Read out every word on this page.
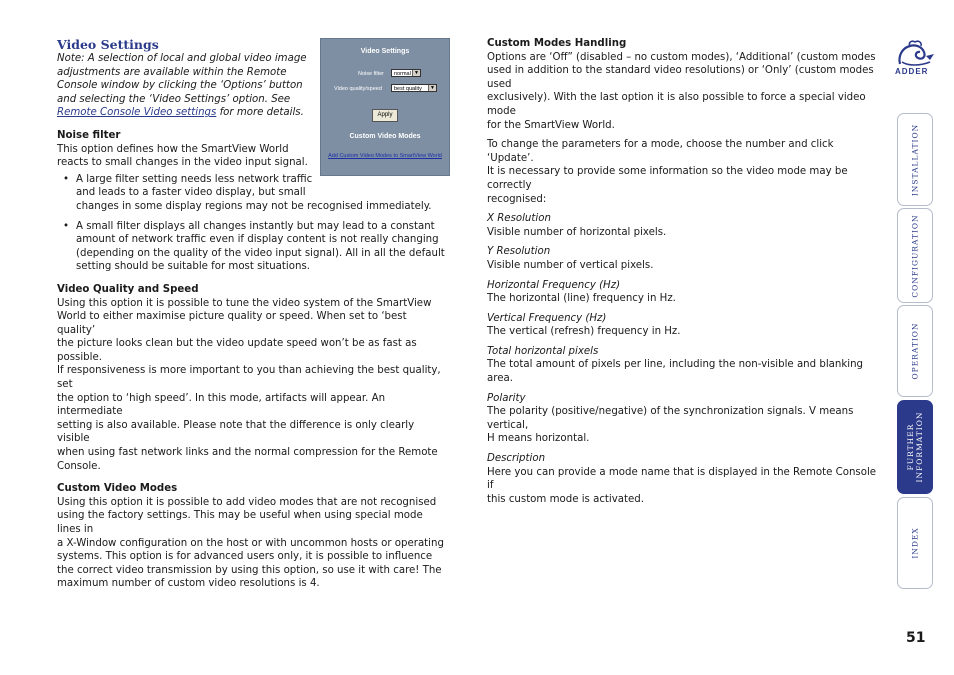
Video Settings

Note: A selection of local and global video image

adjustments are available within the Remote

Console window by clicking the ‘Options’ button

and selecting the ‘Video Settings’ option. See

Remote Console Video settings for more details.

Noise filter

This option defines how the SmartView World

reacts to small changes in the video input signal.

• A large filter setting needs less network traffic

and leads to a faster video display, but small

changes in some display regions may not be recognised immediately.

• A small filter displays all changes instantly but may lead to a constant

amount of network traffic even if display content is not really changing

(depending on the quality of the video input signal). All in all the default

setting should be suitable for most situations.

Video Quality and Speed

Using this option it is possible to tune the video system of the SmartView

World to either maximise picture quality or speed. When set to ‘best quality’

the picture looks clean but the video update speed won’t be as fast as possible.

If responsiveness is more important to you than achieving the best quality, set

the option to ‘high speed’. In this mode, artifacts will appear. An intermediate

setting is also available. Please note that the difference is only clearly visible

when using fast network links and the normal compression for the Remote

Console.

Custom Video Modes

Using this option it is possible to add video modes that are not recognised

using the factory settings. This may be useful when using special mode lines in

a X-Window configuration on the host or with uncommon hosts or operating

systems. This option is for advanced users only, it is possible to influence

the correct video transmission by using this option, so use it with care! The

maximum number of custom video resolutions is 4.

Video Settings
Noise filter	normal ▼
Video quality/speed	best quality	▼
Apply
Custom Video Modes
Add Custom Video Modes to SmartView World

Custom Modes Handling

Options are ‘Off” (disabled – no custom modes), ‘Additional’ (custom modes

used in addition to the standard video resolutions) or ‘Only’ (custom modes used

exclusively). With the last option it is also possible to force a special video mode

for the SmartView World.

To change the parameters for a mode, choose the number and click ‘Update’.

It is necessary to provide some information so the video mode may be correctly

recognised:

X Resolution

Visible number of horizontal pixels.

Y Resolution

Visible number of vertical pixels.

Horizontal Frequency (Hz)

The horizontal (line) frequency in Hz.

Vertical Frequency (Hz)

The vertical (refresh) frequency in Hz.

Total horizontal pixels

The total amount of pixels per line, including the non-visible and blanking area.

Polarity

The polarity (positive/negative) of the synchronization signals. V means vertical,

H means horizontal.

Description

Here you can provide a mode name that is displayed in the Remote Console if

this custom mode is activated.

ADDER
INSTALLATION
CONFIGURATION
OPERATION
FURTHER
INFORMATION
INDEX
51
